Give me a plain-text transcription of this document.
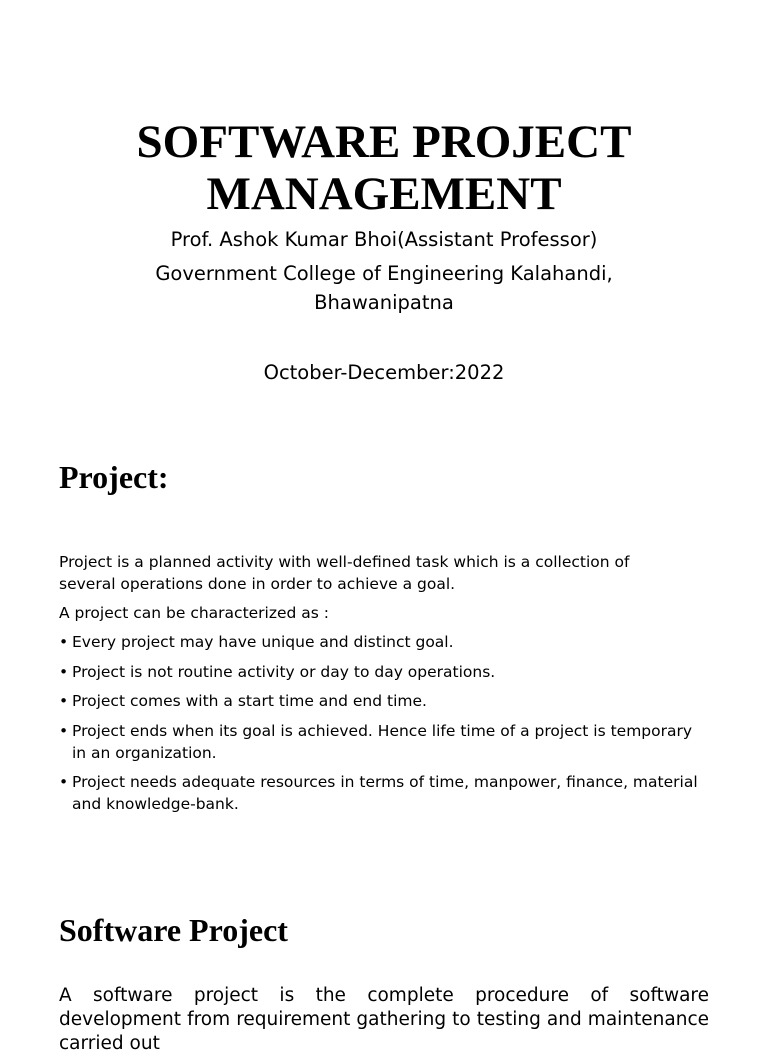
SOFTWARE PROJECT
MANAGEMENT
Prof. Ashok Kumar Bhoi(Assistant Professor)
Government College of Engineering Kalahandi,
Bhawanipatna
October-December:2022
Project:
Project is a planned activity with well-defined task which is a collection of
several operations done in order to achieve a goal.
A project can be characterized as :
• Every project may have unique and distinct goal.
• Project is not routine activity or day to day operations.
• Project comes with a start time and end time.
• Project ends when its goal is achieved. Hence life time of a project is temporary in an organization.
• Project needs adequate resources in terms of time, manpower, finance, material and knowledge-bank.
Software Project
A software project is the complete procedure of software development from requirement gathering to testing and maintenance carried out
